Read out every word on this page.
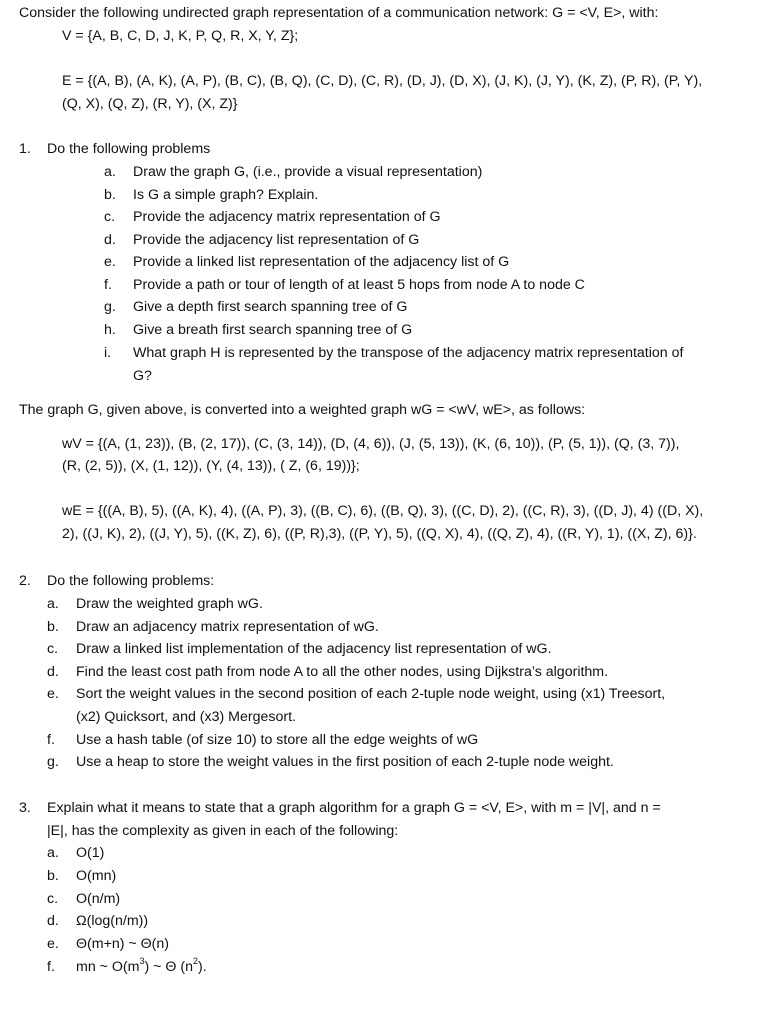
Consider the following undirected graph representation of a communication network: G = <V, E>, with:
V = {A, B, C, D, J, K, P, Q, R, X, Y, Z};
E = {(A, B), (A, K), (A, P), (B, C), (B, Q), (C, D), (C, R), (D, J), (D, X), (J, K), (J, Y), (K, Z), (P, R), (P, Y),
(Q, X), (Q, Z), (R, Y), (X, Z)}
1. Do the following problems
a.	Draw the graph G, (i.e., provide a visual representation)
b.	Is G a simple graph? Explain.
c.	Provide the adjacency matrix representation of G
d.	Provide the adjacency list representation of G
e.	Provide a linked list representation of the adjacency list of G
f.	Provide a path or tour of length of at least 5 hops from node A to node C
g.	Give a depth first search spanning tree of G
h.	Give a breath first search spanning tree of G
i.	What graph H is represented by the transpose of the adjacency matrix representation of
G?
The graph G, given above, is converted into a weighted graph wG = <wV, wE>, as follows:
wV = {(A, (1, 23)), (B, (2, 17)), (C, (3, 14)), (D, (4, 6)), (J, (5, 13)), (K, (6, 10)), (P, (5, 1)), (Q, (3, 7)),
(R, (2, 5)), (X, (1, 12)), (Y, (4, 13)), ( Z, (6, 19))};
wE = {((A, B), 5), ((A, K), 4), ((A, P), 3), ((B, C), 6), ((B, Q), 3), ((C, D), 2), ((C, R), 3), ((D, J), 4) ((D, X),
2), ((J, K), 2), ((J, Y), 5), ((K, Z), 6), ((P, R),3), ((P, Y), 5), ((Q, X), 4), ((Q, Z), 4), ((R, Y), 1), ((X, Z), 6)}.
2. Do the following problems:
a.	Draw the weighted graph wG.
b.	Draw an adjacency matrix representation of wG.
c.	Draw a linked list implementation of the adjacency list representation of wG.
d.	Find the least cost path from node A to all the other nodes, using Dijkstra’s algorithm.
e.	Sort the weight values in the second position of each 2-tuple node weight, using (x1) Treesort,
(x2) Quicksort, and (x3) Mergesort.
f.	Use a hash table (of size 10) to store all the edge weights of wG
g.	Use a heap to store the weight values in the first position of each 2-tuple node weight.
3. Explain what it means to state that a graph algorithm for a graph G = <V, E>, with m = |V|, and n =
|E|, has the complexity as given in each of the following:
a.	O(1)
b.	O(mn)
c.	O(n/m)
d.	Ω(log(n/m))
e.	Θ(m+n) ~ Θ(n)
f.	mn ~ $O(m^3)$ ~ Θ $(n^2)$.
